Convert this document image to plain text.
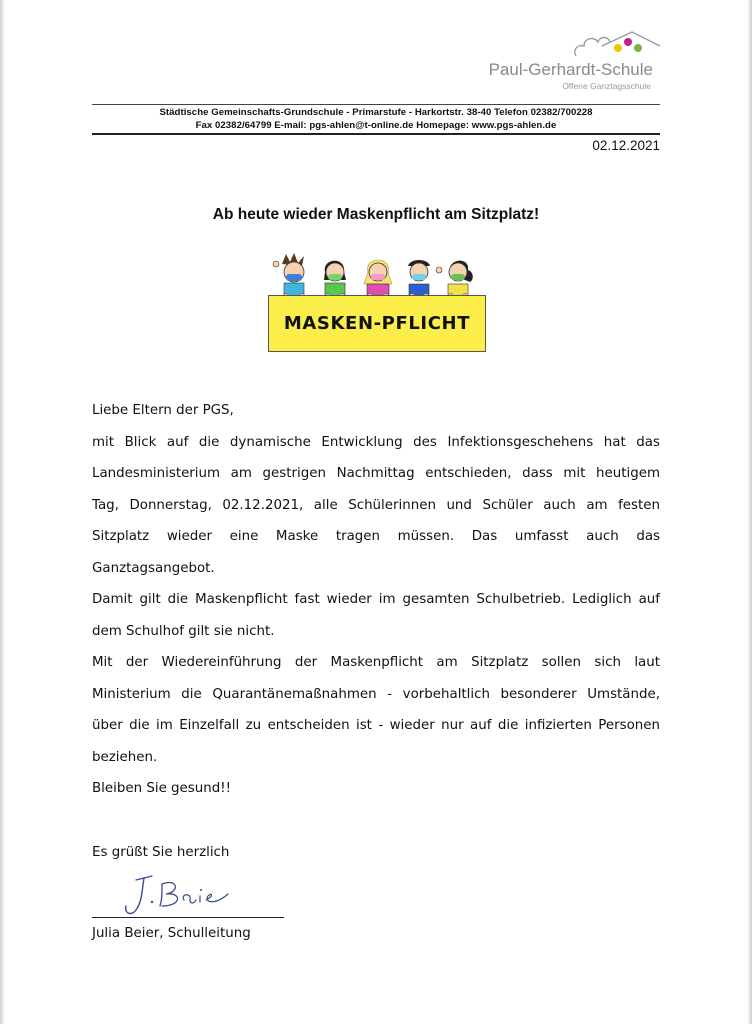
Paul-Gerhardt-Schule
Offene Ganztagsschule
Städtische Gemeinschafts-Grundschule - Primarstufe - Harkortstr. 38-40 Telefon 02382/700228
Fax 02382/64799 E-mail: pgs-ahlen@t-online.de Homepage: www.pgs-ahlen.de
02.12.2021
Ab heute wieder Maskenpflicht am Sitzplatz!
MASKEN-PFLICHT

Liebe Eltern der PGS,

mit Blick auf die dynamische Entwicklung des Infektionsgeschehens hat das

Landesministerium am gestrigen Nachmittag entschieden, dass mit heutigem

Tag, Donnerstag, 02.12.2021, alle Schülerinnen und Schüler auch am festen

Sitzplatz wieder eine Maske tragen müssen. Das umfasst auch das

Ganztagsangebot.

Damit gilt die Maskenpflicht fast wieder im gesamten Schulbetrieb. Lediglich auf

dem Schulhof gilt sie nicht.

Mit der Wiedereinführung der Maskenpflicht am Sitzplatz sollen sich laut

Ministerium die Quarantänemaßnahmen - vorbehaltlich besonderer Umstände,

über die im Einzelfall zu entscheiden ist - wieder nur auf die infizierten Personen

beziehen.

Bleiben Sie gesund!!

Es grüßt Sie herzlich
Julia Beier, Schulleitung
